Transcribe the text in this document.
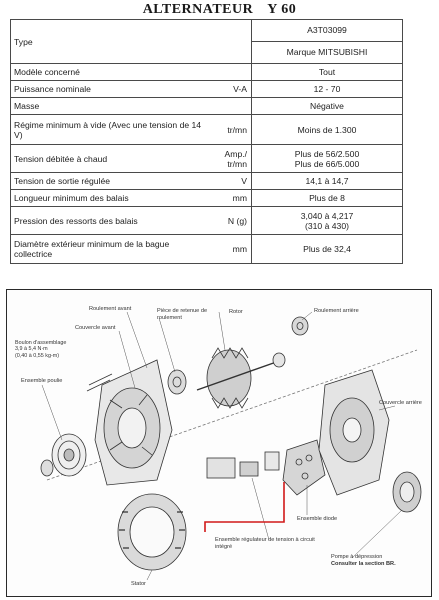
ALTERNATEUR Y 60
Type		A3T03099
Marque MITSUBISHI

Modèle concerné		Tout
Puissance nominale	V-A	12 - 70
Masse		Négative
Régime minimum à vide (Avec une tension de 14 V)	tr/mn	Moins de 1.300
Tension débitée à chaud	Amp./ tr/mn	Plus de 56/2.500
Plus de 66/5.000

Tension de sortie régulée	V	14,1 à 14,7
Longueur minimum des balais	mm	Plus de 8
Pression des ressorts des balais	N (g)	3,040 à 4,217
(310 à 430)

Diamètre extérieur minimum de la bague collectrice	mm	Plus de 32,4
Roulement avant
Couvercle avant
Pièce de retenue de roulement
Rotor	Roulement arrière
Couvercle arrière
Ensemble poulie
Ensemble diode
Ensemble régulateur de tension à circuit intégré
Stator
Pompe à dépression
Consulter la section BR.
Boulon d'assemblage
3,9 à 5,4 N·m
(0,40 à 0,55 kg-m)
